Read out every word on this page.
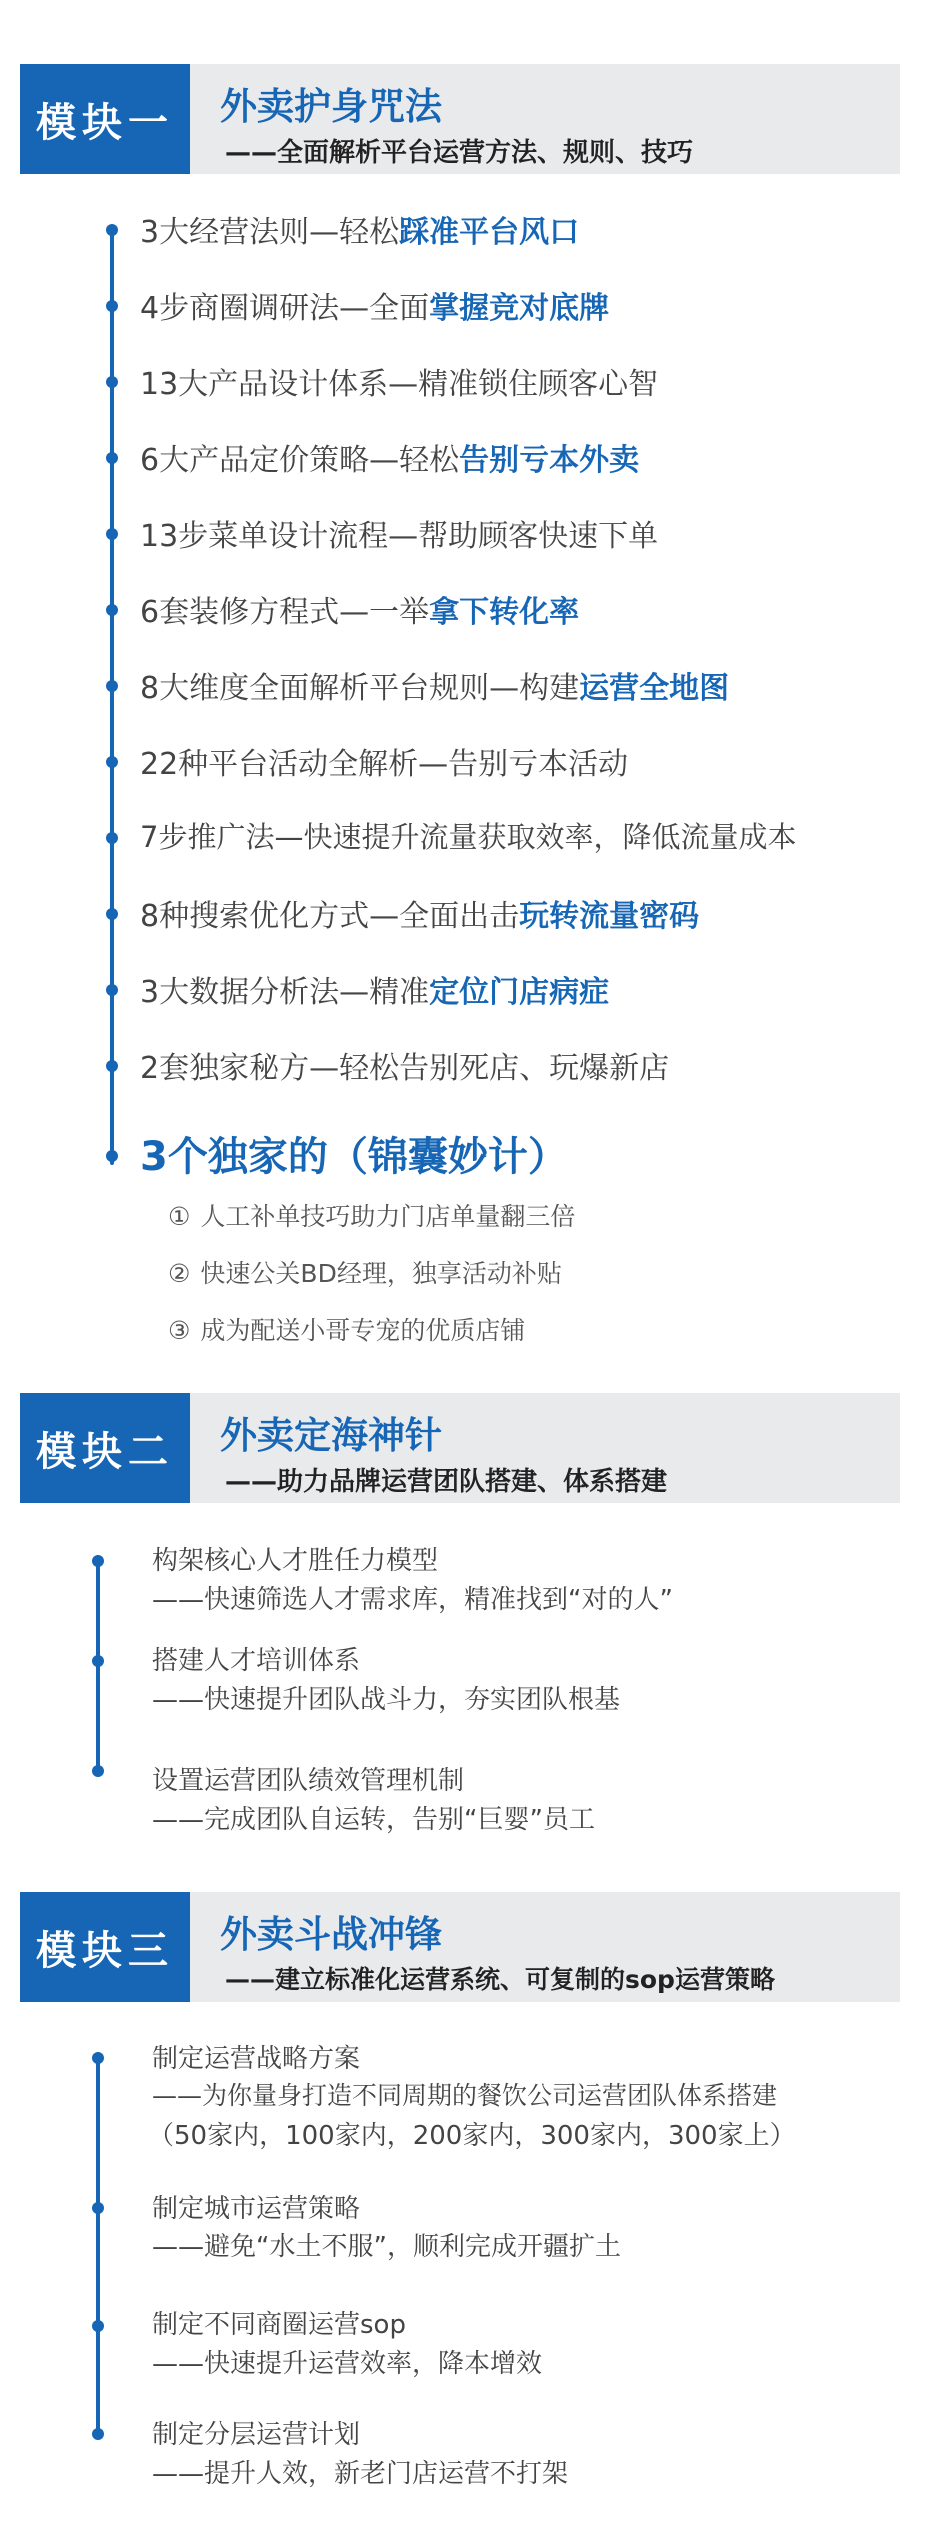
模块一	外卖护身咒法
——全面解析平台运营方法、规则、技巧
3大经营法则—轻松踩准平台风口
4步商圈调研法—全面掌握竞对底牌
13大产品设计体系—精准锁住顾客心智
6大产品定价策略—轻松告别亏本外卖
13步菜单设计流程—帮助顾客快速下单
6套装修方程式—一举拿下转化率
8大维度全面解析平台规则—构建运营全地图
22种平台活动全解析—告别亏本活动
7步推广法—快速提升流量获取效率，降低流量成本
8种搜索优化方式—全面出击玩转流量密码
3大数据分析法—精准定位门店病症
2套独家秘方—轻松告别死店、玩爆新店
3个独家的（锦囊妙计）
① 人工补单技巧助力门店单量翻三倍
② 快速公关BD经理，独享活动补贴
③ 成为配送小哥专宠的优质店铺
模块二	外卖定海神针
——助力品牌运营团队搭建、体系搭建
构架核心人才胜任力模型
——快速筛选人才需求库，精准找到“对的人”
搭建人才培训体系
——快速提升团队战斗力，夯实团队根基
设置运营团队绩效管理机制
——完成团队自运转，告别“巨婴”员工
模块三	外卖斗战冲锋
——建立标准化运营系统、可复制的sop运营策略
制定运营战略方案
——为你量身打造不同周期的餐饮公司运营团队体系搭建
（50家内，100家内，200家内，300家内，300家上）
制定城市运营策略
——避免“水土不服”，顺利完成开疆扩土
制定不同商圈运营sop
——快速提升运营效率，降本增效
制定分层运营计划
——提升人效，新老门店运营不打架
